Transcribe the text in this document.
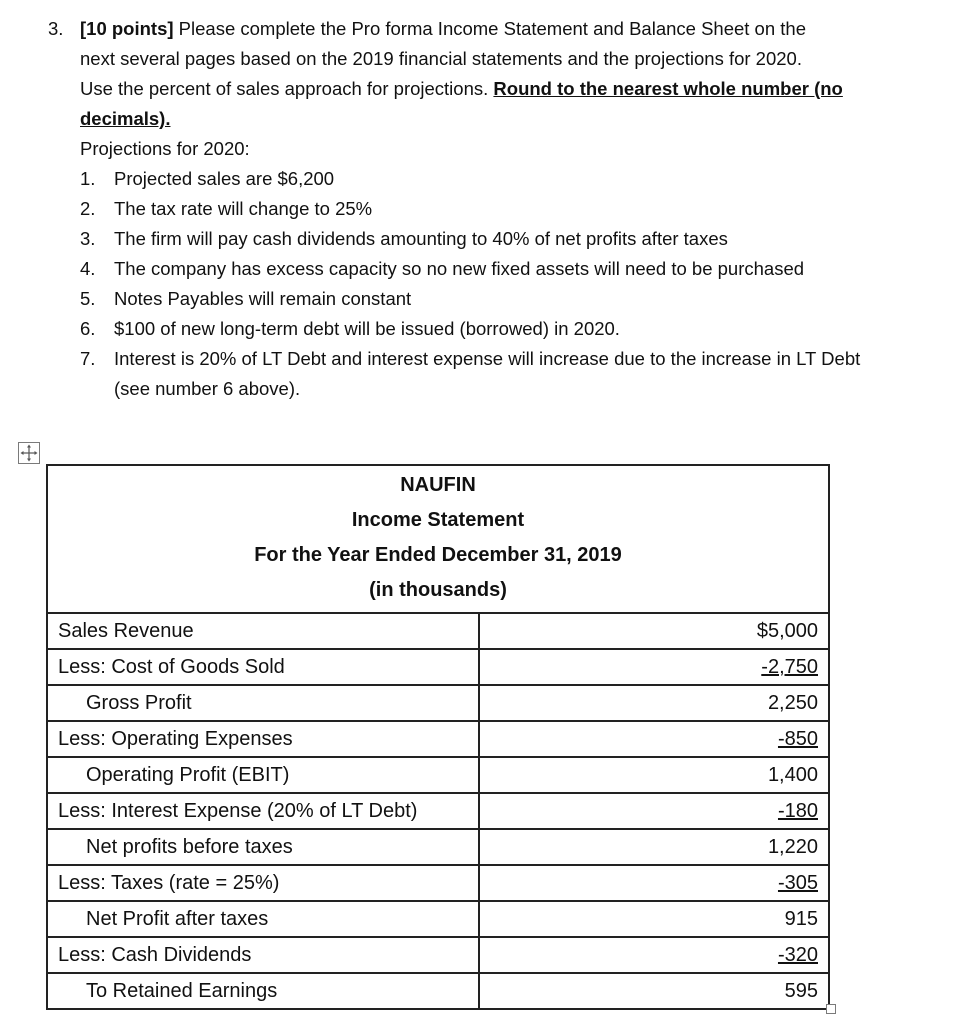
3. [10 points] Please complete the Pro forma Income Statement and Balance Sheet on the
next several pages based on the 2019 financial statements and the projections for 2020.
Use the percent of sales approach for projections. Round to the nearest whole number (no
decimals).
Projections for 2020:
1. Projected sales are $6,200
2. The tax rate will change to 25%
3. The firm will pay cash dividends amounting to 40% of net profits after taxes
4. The company has excess capacity so no new fixed assets will need to be purchased
5. Notes Payables will remain constant
6. $100 of new long-term debt will be issued (borrowed) in 2020.
7. Interest is 20% of LT Debt and interest expense will increase due to the increase in LT Debt (see number 6 above).
NAUFIN
Income Statement
For the Year Ended December 31, 2019
(in thousands)
Sales Revenue	$5,000
Less: Cost of Goods Sold	-2,750
Gross Profit	2,250
Less: Operating Expenses	-850
Operating Profit (EBIT)	1,400
Less: Interest Expense (20% of LT Debt)	-180
Net profits before taxes	1,220
Less: Taxes (rate = 25%)	-305
Net Profit after taxes	915
Less: Cash Dividends	-320
To Retained Earnings	595
